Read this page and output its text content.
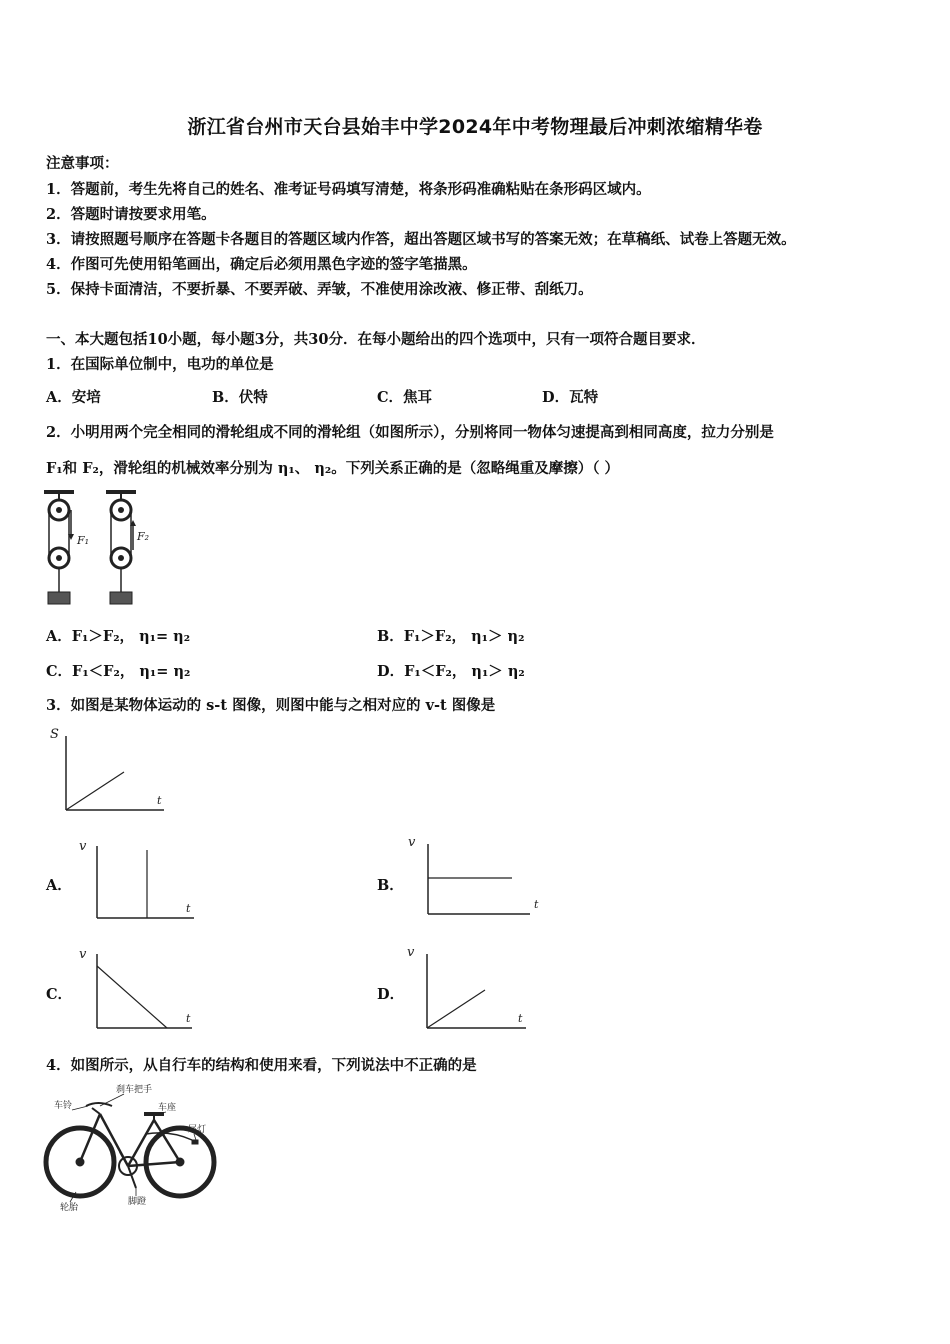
浙江省台州市天台县始丰中学2024年中考物理最后冲刺浓缩精华卷
注意事项：
1．答题前，考生先将自己的姓名、准考证号码填写清楚，将条形码准确粘贴在条形码区域内。
2．答题时请按要求用笔。
3．请按照题号顺序在答题卡各题目的答题区域内作答，超出答题区域书写的答案无效；在草稿纸、试卷上答题无效。
4．作图可先使用铅笔画出，确定后必须用黑色字迹的签字笔描黑。
5．保持卡面清洁，不要折暴、不要弄破、弄皱，不准使用涂改液、修正带、刮纸刀。
一、本大题包括10小题，每小题3分，共30分．在每小题给出的四个选项中，只有一项符合题目要求．
1．在国际单位制中，电功的单位是
A．安培	B．伏特	C．焦耳	D．瓦特
2．小明用两个完全相同的滑轮组成不同的滑轮组（如图所示），分别将同一物体匀速提高到相同高度，拉力分别是
F₁和 F₂，滑轮组的机械效率分别为 η₁、 η₂。下列关系正确的是（忽略绳重及摩擦）（ ）
F₁	F₂
A．F₁＞F₂， η₁= η₂	B．F₁＞F₂， η₁＞ η₂
C．F₁＜F₂， η₁= η₂	D．F₁＜F₂， η₁＞ η₂
3．如图是某物体运动的 s-t 图像，则图中能与之相对应的 v-t 图像是
S
t
A．
v
t
B．
v
t
C．
v
t
D．
v
t
4．如图所示，从自行车的结构和使用来看，下列说法中不正确的是
刹车把手
车铃	车座
尾灯
轮胎
脚蹬
